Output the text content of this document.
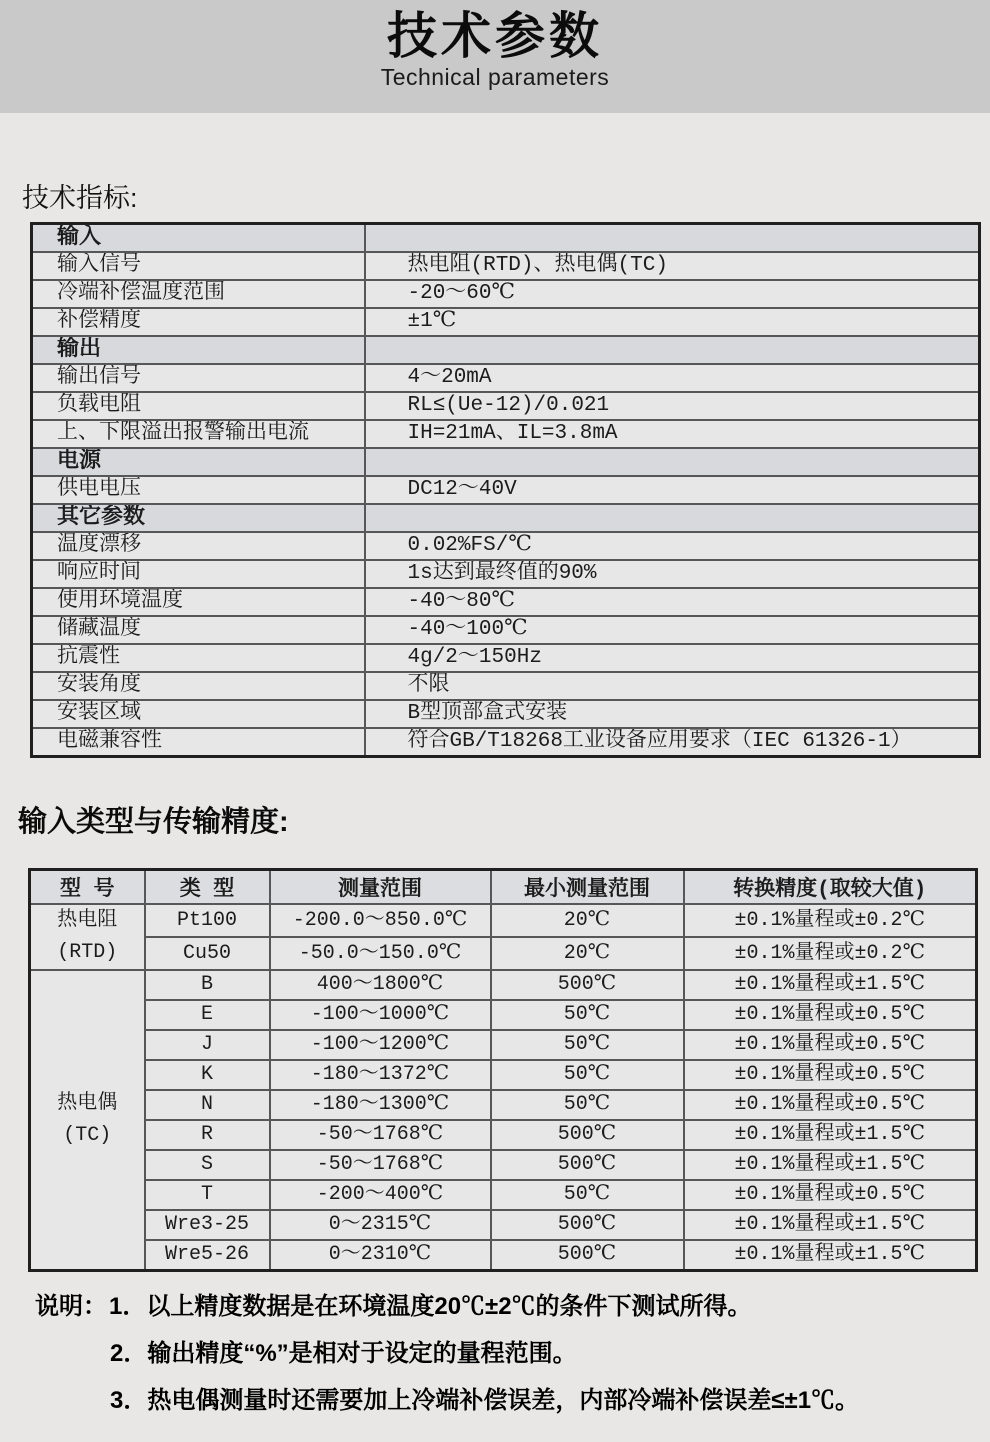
技术参数
Technical parameters
技术指标:
输入	
输入信号	热电阻(RTD)、热电偶(TC)
冷端补偿温度范围	-20～60℃
补偿精度	±1℃
输出	
输出信号	4～20mA
负载电阻	RL≤(Ue-12)/0.021
上、下限溢出报警输出电流	IH=21mA、IL=3.8mA
电源	
供电电压	DC12～40V
其它参数	
温度漂移	0.02%FS/℃
响应时间	1s达到最终值的90%
使用环境温度	-40～80℃
储藏温度	-40～100℃
抗震性	4g/2～150Hz
安装角度	不限
安装区域	B型顶部盒式安装
电磁兼容性	符合GB/T18268工业设备应用要求（IEC 61326-1）
输入类型与传输精度:
型 号	类 型	测量范围	最小测量范围	转换精度(取较大值)

热电阻
(RTD)	Pt100	-200.0～850.0℃	20℃	±0.1%量程或±0.2℃
	Cu50	-50.0～150.0℃	20℃	±0.1%量程或±0.2℃

热电偶
(TC)	B	400～1800℃	500℃	±0.1%量程或±1.5℃
	E	-100～1000℃	50℃	±0.1%量程或±0.5℃
	J	-100～1200℃	50℃	±0.1%量程或±0.5℃
	K	-180～1372℃	50℃	±0.1%量程或±0.5℃
	N	-180～1300℃	50℃	±0.1%量程或±0.5℃
	R	-50～1768℃	500℃	±0.1%量程或±1.5℃
	S	-50～1768℃	500℃	±0.1%量程或±1.5℃
	T	-200～400℃	50℃	±0.1%量程或±0.5℃
	Wre3-25	0～2315℃	500℃	±0.1%量程或±1.5℃
	Wre5-26	0～2310℃	500℃	±0.1%量程或±1.5℃
说明：1．以上精度数据是在环境温度20℃±2℃的条件下测试所得。
2．输出精度“%”是相对于设定的量程范围。
3．热电偶测量时还需要加上冷端补偿误差，内部冷端补偿误差≤±1℃。
